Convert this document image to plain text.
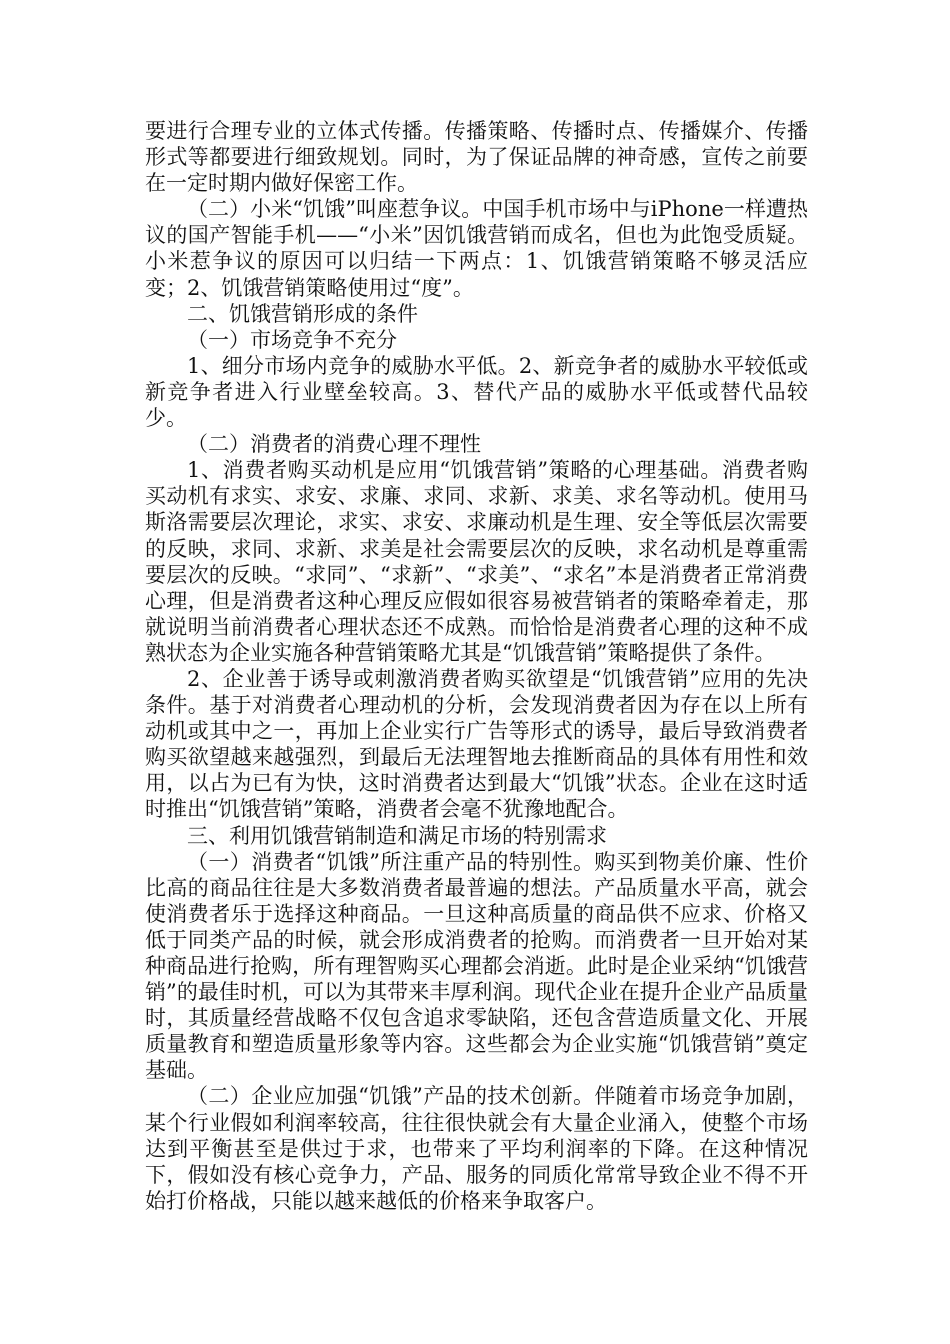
要进行合理专业的立体式传播。传播策略、传播时点、传播媒介、传播形式等都要进行细致规划。同时，为了保证品牌的神奇感，宣传之前要在一定时期内做好保密工作。

（二）小米“饥饿”叫座惹争议。中国手机市场中与iPhone一样遭热议的国产智能手机——“小米”因饥饿营销而成名，但也为此饱受质疑。小米惹争议的原因可以归结一下两点：1、饥饿营销策略不够灵活应变；2、饥饿营销策略使用过“度”。

二、饥饿营销形成的条件

（一）市场竞争不充分

1、细分市场内竞争的威胁水平低。2、新竞争者的威胁水平较低或新竞争者进入行业壁垒较高。3、替代产品的威胁水平低或替代品较少。

（二）消费者的消费心理不理性

1、消费者购买动机是应用“饥饿营销”策略的心理基础。消费者购买动机有求实、求安、求廉、求同、求新、求美、求名等动机。使用马斯洛需要层次理论，求实、求安、求廉动机是生理、安全等低层次需要的反映，求同、求新、求美是社会需要层次的反映，求名动机是尊重需要层次的反映。“求同”、“求新”、“求美”、“求名”本是消费者正常消费心理，但是消费者这种心理反应假如很容易被营销者的策略牵着走，那就说明当前消费者心理状态还不成熟。而恰恰是消费者心理的这种不成熟状态为企业实施各种营销策略尤其是“饥饿营销”策略提供了条件。

2、企业善于诱导或刺激消费者购买欲望是“饥饿营销”应用的先决条件。基于对消费者心理动机的分析，会发现消费者因为存在以上所有动机或其中之一，再加上企业实行广告等形式的诱导，最后导致消费者购买欲望越来越强烈，到最后无法理智地去推断商品的具体有用性和效用，以占为已有为快，这时消费者达到最大“饥饿”状态。企业在这时适时推出“饥饿营销”策略，消费者会毫不犹豫地配合。

三、利用饥饿营销制造和满足市场的特别需求

（一）消费者“饥饿”所注重产品的特别性。购买到物美价廉、性价比高的商品往往是大多数消费者最普遍的想法。产品质量水平高，就会使消费者乐于选择这种商品。一旦这种高质量的商品供不应求、价格又低于同类产品的时候，就会形成消费者的抢购。而消费者一旦开始对某种商品进行抢购，所有理智购买心理都会消逝。此时是企业采纳“饥饿营销”的最佳时机，可以为其带来丰厚利润。现代企业在提升企业产品质量时，其质量经营战略不仅包含追求零缺陷，还包含营造质量文化、开展质量教育和塑造质量形象等内容。这些都会为企业实施“饥饿营销”奠定基础。

（二）企业应加强“饥饿”产品的技术创新。伴随着市场竞争加剧，某个行业假如利润率较高，往往很快就会有大量企业涌入，使整个市场达到平衡甚至是供过于求，也带来了平均利润率的下降。在这种情况下，假如没有核心竞争力，产品、服务的同质化常常导致企业不得不开始打价格战，只能以越来越低的价格来争取客户。
